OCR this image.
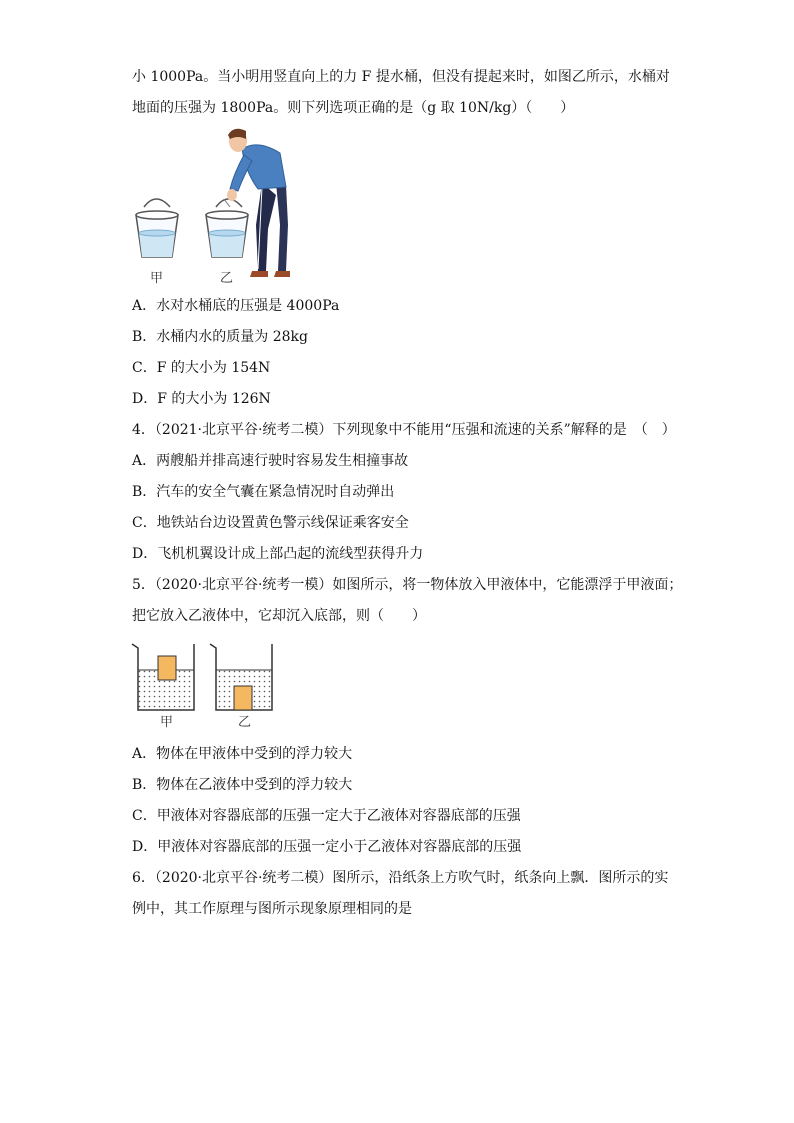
小 1000Pa。当小明用竖直向上的力 F 提水桶，但没有提起来时，如图乙所示，水桶对
地面的压强为 1800Pa。则下列选项正确的是（g 取 10N/kg）（　　）
甲	乙
A．水对水桶底的压强是 4000Pa
B．水桶内水的质量为 28kg
C．F 的大小为 154N
D．F 的大小为 126N
4．（2021·北京平谷·统考二模）下列现象中不能用“压强和流速的关系”解释的是　（　）
A．两艘船并排高速行驶时容易发生相撞事故
B．汽车的安全气囊在紧急情况时自动弹出
C．地铁站台边设置黄色警示线保证乘客安全
D．飞机机翼设计成上部凸起的流线型获得升力
5．（2020·北京平谷·统考一模）如图所示，将一物体放入甲液体中，它能漂浮于甲液面；
把它放入乙液体中，它却沉入底部，则（　　）
甲	乙
A．物体在甲液体中受到的浮力较大
B．物体在乙液体中受到的浮力较大
C．甲液体对容器底部的压强一定大于乙液体对容器底部的压强
D．甲液体对容器底部的压强一定小于乙液体对容器底部的压强
6．（2020·北京平谷·统考二模）图所示，沿纸条上方吹气时，纸条向上飘．图所示的实
例中，其工作原理与图所示现象原理相同的是
